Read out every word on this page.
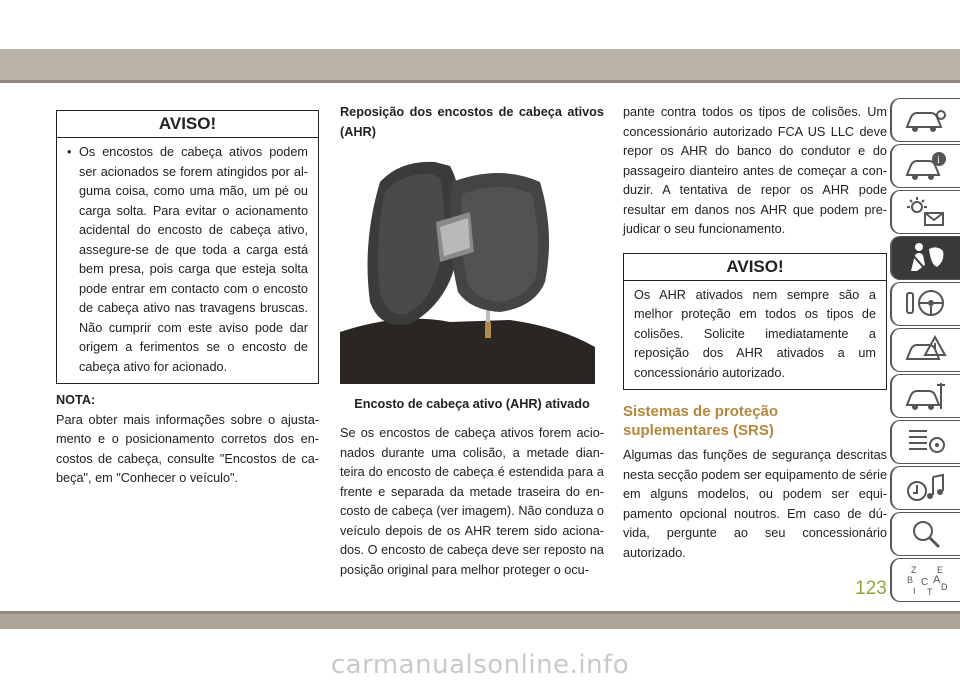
AVISO!
• Os encostos de cabeça ativos podem ser acionados se forem atingidos por alguma coisa, como uma mão, um pé ou carga solta. Para evitar o acionamento acidental do encosto de cabeça ativo, assegure-se de que toda a carga está bem presa, pois carga que esteja solta pode entrar em contacto com o encosto de cabeça ativo nas travagens bruscas. Não cumprir com este aviso pode dar origem a ferimentos se o encosto de cabeça ativo for acionado.
NOTA:

Para obter mais informações sobre o ajustamento e o posicionamento corretos dos encostos de cabeça, consulte "Encostos de cabeça", em "Conhecer o veículo".

Reposição dos encostos de cabeça ativos (AHR)
Encosto de cabeça ativo (AHR) ativado

Se os encostos de cabeça ativos forem acionados durante uma colisão, a metade dianteira do encosto de cabeça é estendida para a frente e separada da metade traseira do encosto de cabeça (ver imagem). Não conduza o veículo depois de os AHR terem sido acionados. O encosto de cabeça deve ser reposto na posição original para melhor proteger o ocu-

pante contra todos os tipos de colisões. Um concessionário autorizado FCA US LLC deve repor os AHR do banco do condutor e do passageiro dianteiro antes de começar a conduzir. A tentativa de repor os AHR pode resultar em danos nos AHR que podem prejudicar o seu funcionamento.

AVISO!

Os AHR ativados nem sempre são a melhor proteção em todos os tipos de colisões. Solicite imediatamente a reposição dos AHR ativados a um concessionário autorizado.

Sistemas de proteção suplementares (SRS)

Algumas das funções de segurança descritas nesta secção podem ser equipamento de série em alguns modelos, ou podem ser equipamento opcional noutros. Em caso de dúvida, pergunte ao seu concessionário autorizado.

i
Z E
B A
C D
I T
123
carmanualsonline.info
